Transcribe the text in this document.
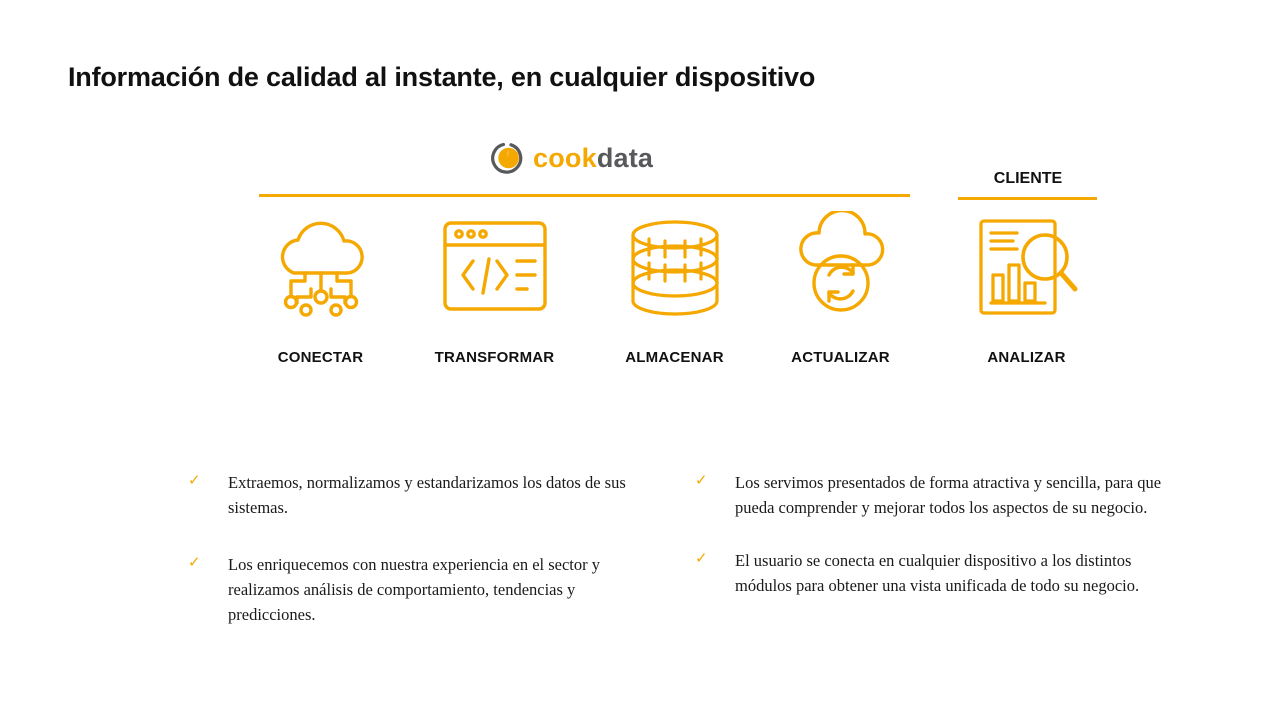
Información de calidad al instante, en cualquier dispositivo
cookdata
CLIENTE
CONECTAR	TRANSFORMAR	ALMACENAR	ACTUALIZAR	ANALIZAR
✓	Extraemos, normalizamos y estandarizamos los datos de sus sistemas.
✓	Los enriquecemos con nuestra experiencia en el sector y realizamos análisis de comportamiento, tendencias y predicciones.
✓	Los servimos presentados de forma atractiva y sencilla, para que pueda comprender y mejorar todos los aspectos de su negocio.
✓	El usuario se conecta en cualquier dispositivo a los distintos módulos para obtener una vista unificada de todo su negocio.
